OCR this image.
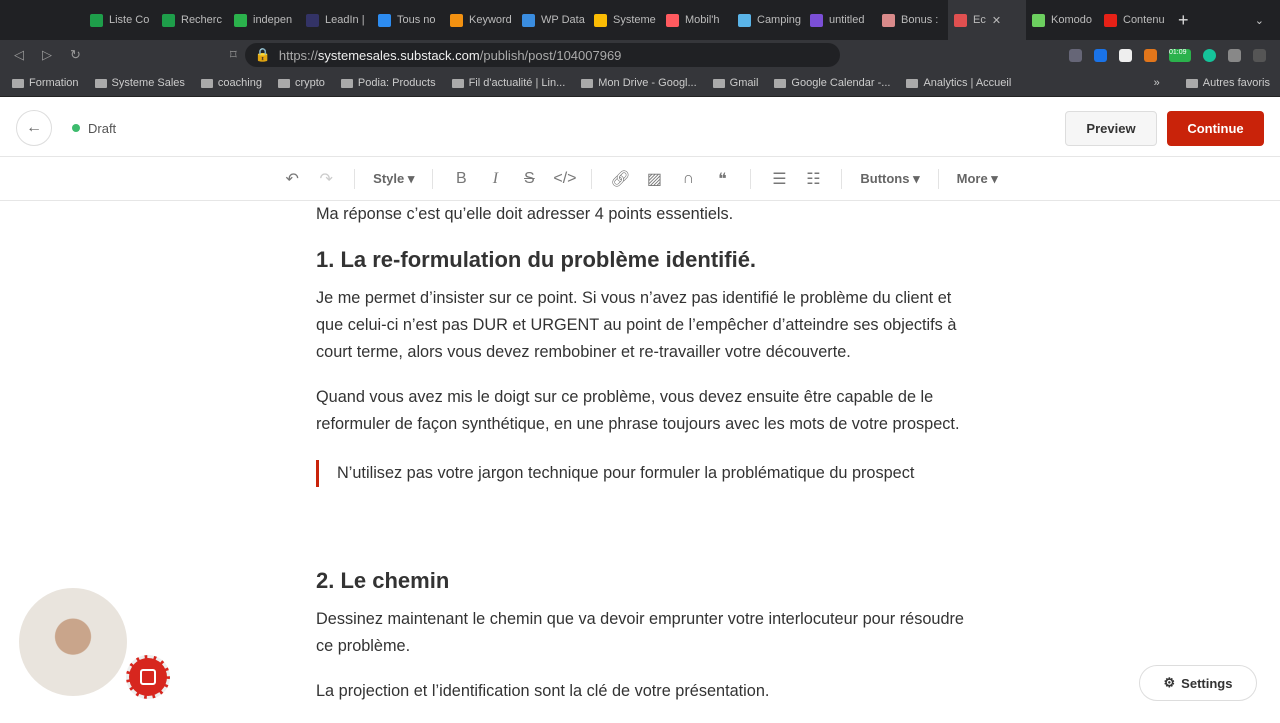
Liste Co	Recherc	indepen	LeadIn |	Tous no	Keyword	WP Data	Systeme	Mobil'h	Camping	untitled	Bonus :	Ec ✕	Komodo	Contenu +	⌄
◁ ▷ ↻	⌑ 🔒 https://systemesales.substack.com/publish/post/104007969	01:09
Formation	Systeme Sales	coaching	crypto	Podia: Products	Fil d'actualité | Lin...	Mon Drive - Googl...	Gmail	Google Calendar -...	Analytics | Accueil	»	Autres favoris
←	Draft	Preview	Continue
↶ ↷	Style ▾	B	I	S </> 🔗︎ ▨ ∩	❝	☰ ☷	Buttons ▾	More ▾

Ma réponse c’est qu’elle doit adresser 4 points essentiels.

1. La re-formulation du problème identifié.

Je me permet d’insister sur ce point. Si vous n’avez pas identifié le problème du client et que celui-ci n’est pas DUR et URGENT au point de l’empêcher d’atteindre ses objectifs à court terme, alors vous devez rembobiner et re-travailler votre découverte.

Quand vous avez mis le doigt sur ce problème, vous devez ensuite être capable de le reformuler de façon synthétique, en une phrase toujours avec les mots de votre prospect.

N’utilisez pas votre jargon technique pour formuler la problématique du prospect
2. Le chemin

Dessinez maintenant le chemin que va devoir emprunter votre interlocuteur pour résoudre ce problème.

La projection et l’identification sont la clé de votre présentation.	⚙ Settings
